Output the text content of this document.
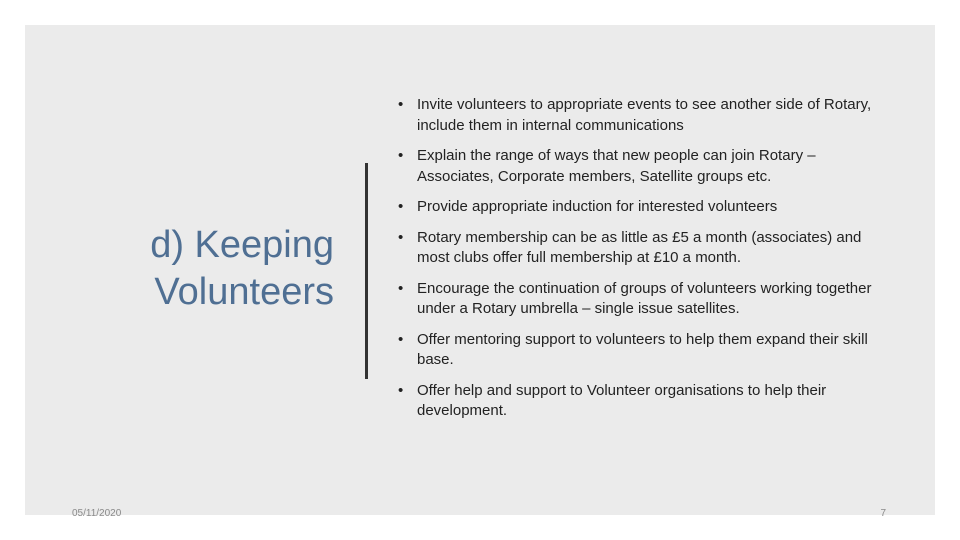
d) Keeping
Volunteers
• Invite volunteers to appropriate events to see another side of Rotary, include them in internal communications
• Explain the range of ways that new people can join Rotary – Associates, Corporate members, Satellite groups etc.
• Provide appropriate induction for interested volunteers
• Rotary membership can be as little as £5 a month (associates) and most clubs offer full membership at £10 a month.
• Encourage the continuation of groups of volunteers working together under a Rotary umbrella – single issue satellites.
• Offer mentoring support to volunteers to help them expand their skill base.
• Offer help and support to Volunteer organisations to help their development.
05/11/2020	7
